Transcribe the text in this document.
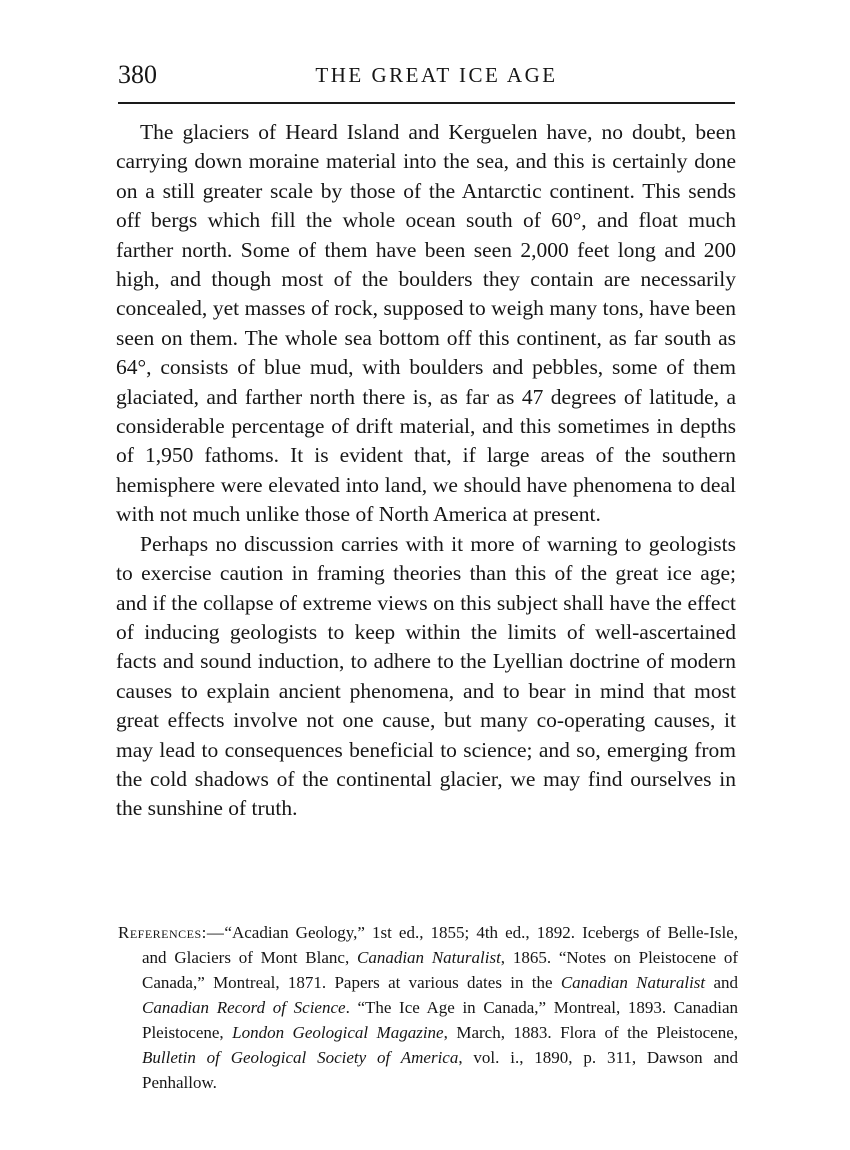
380	THE GREAT ICE AGE

The glaciers of Heard Island and Kerguelen have, no doubt, been carrying down moraine material into the sea, and this is certainly done on a still greater scale by those of the Antarctic continent. This sends off bergs which fill the whole ocean south of 60°, and float much farther north. Some of them have been seen 2,000 feet long and 200 high, and though most of the boulders they contain are necessarily concealed, yet masses of rock, supposed to weigh many tons, have been seen on them. The whole sea bottom off this continent, as far south as 64°, consists of blue mud, with boulders and pebbles, some of them glaciated, and farther north there is, as far as 47 degrees of latitude, a considerable percentage of drift material, and this sometimes in depths of 1,950 fathoms. It is evident that, if large areas of the southern hemisphere were elevated into land, we should have phenomena to deal with not much unlike those of North America at present.

Perhaps no discussion carries with it more of warning to geologists to exercise caution in framing theories than this of the great ice age; and if the collapse of extreme views on this subject shall have the effect of inducing geologists to keep within the limits of well-ascertained facts and sound induction, to adhere to the Lyellian doctrine of modern causes to explain ancient phenomena, and to bear in mind that most great effects involve not one cause, but many co-operating causes, it may lead to consequences beneficial to science; and so, emerging from the cold shadows of the continental glacier, we may find ourselves in the sunshine of truth.

References:—“Acadian Geology,” 1st ed., 1855; 4th ed., 1892. Icebergs of Belle-Isle, and Glaciers of Mont Blanc, Canadian Naturalist, 1865. “Notes on Pleistocene of Canada,” Montreal, 1871. Papers at various dates in the Canadian Naturalist and Canadian Record of Science. “The Ice Age in Canada,” Montreal, 1893. Canadian Pleistocene, London Geological Magazine, March, 1883. Flora of the Pleistocene, Bulletin of Geological Society of America, vol. i., 1890, p. 311, Dawson and Penhallow.
